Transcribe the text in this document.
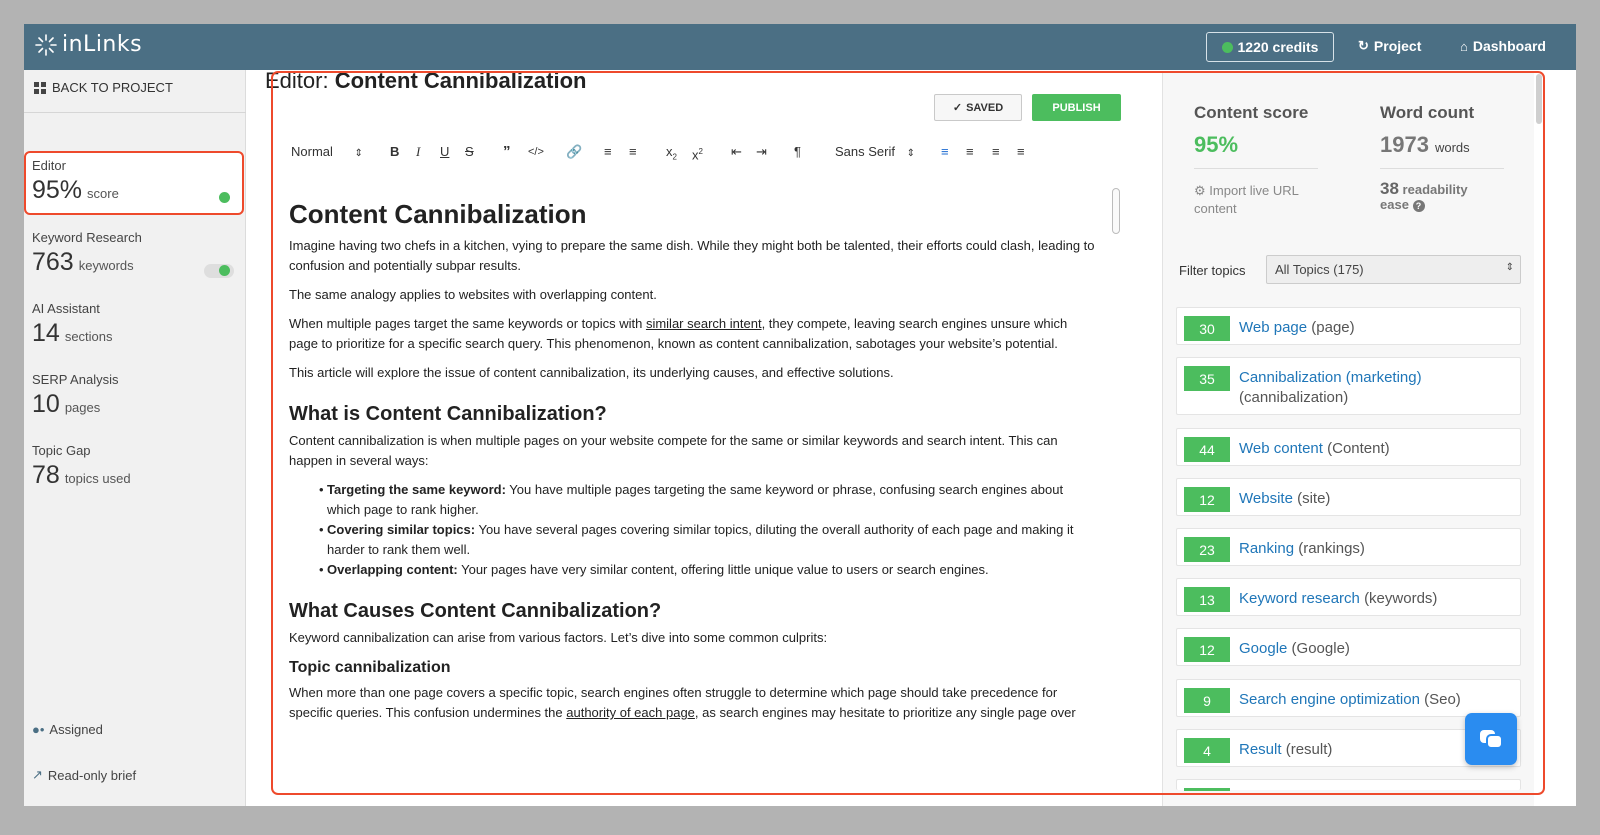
inLinks
BACK TO PROJECT
Editor
95% score
Keyword Research
763 keywords
AI Assistant
14 sections
SERP Analysis
10 pages
Topic Gap
78 topics used
●• Assigned
↗ Read-only brief
1220 credits	↻ Project	⌂ Dashboard
Editor: Content Cannibalization
✓ SAVED	PUBLISH
Normal ⇕ B I U S ” </> 🔗 ≡ ≡ $x_2$ $x^2$ ⇤ ⇥ ¶	Sans Serif ⇕ ≡ ≡ ≡ ≡
Content Cannibalization

Imagine having two chefs in a kitchen, vying to prepare the same dish. While they might both be talented, their efforts could clash, leading to confusion and potentially subpar results.

The same analogy applies to websites with overlapping content.

When multiple pages target the same keywords or topics with similar search intent, they compete, leaving search engines unsure which page to prioritize for a specific search query. This phenomenon, known as content cannibalization, sabotages your website’s potential.

This article will explore the issue of content cannibalization, its underlying causes, and effective solutions.

What is Content Cannibalization?

Content cannibalization is when multiple pages on your website compete for the same or similar keywords and search intent. This can happen in several ways:

• Targeting the same keyword: You have multiple pages targeting the same keyword or phrase, confusing search engines about which page to rank higher.
• Covering similar topics: You have several pages covering similar topics, diluting the overall authority of each page and making it harder to rank them well.
• Overlapping content: Your pages have very similar content, offering little unique value to users or search engines.
What Causes Content Cannibalization?

Keyword cannibalization can arise from various factors. Let’s dive into some common culprits:

Topic cannibalization

When more than one page covers a specific topic, search engines often struggle to determine which page should take precedence for specific queries. This confusion undermines the authority of each page, as search engines may hesitate to prioritize any single page over

Content score
95%
Word count
1973 words
⚙ Import live URL content
38 readability ease ?
Filter topics	All Topics (175)	⇕
30	Web page (page)
35	Cannibalization (marketing)
(cannibalization)
44	Web content (Content)
12	Website (site)
23	Ranking (rankings)
13	Keyword research (keywords)
12	Google (Google)
9	Search engine optimization (Seo)
4	Result (result)
